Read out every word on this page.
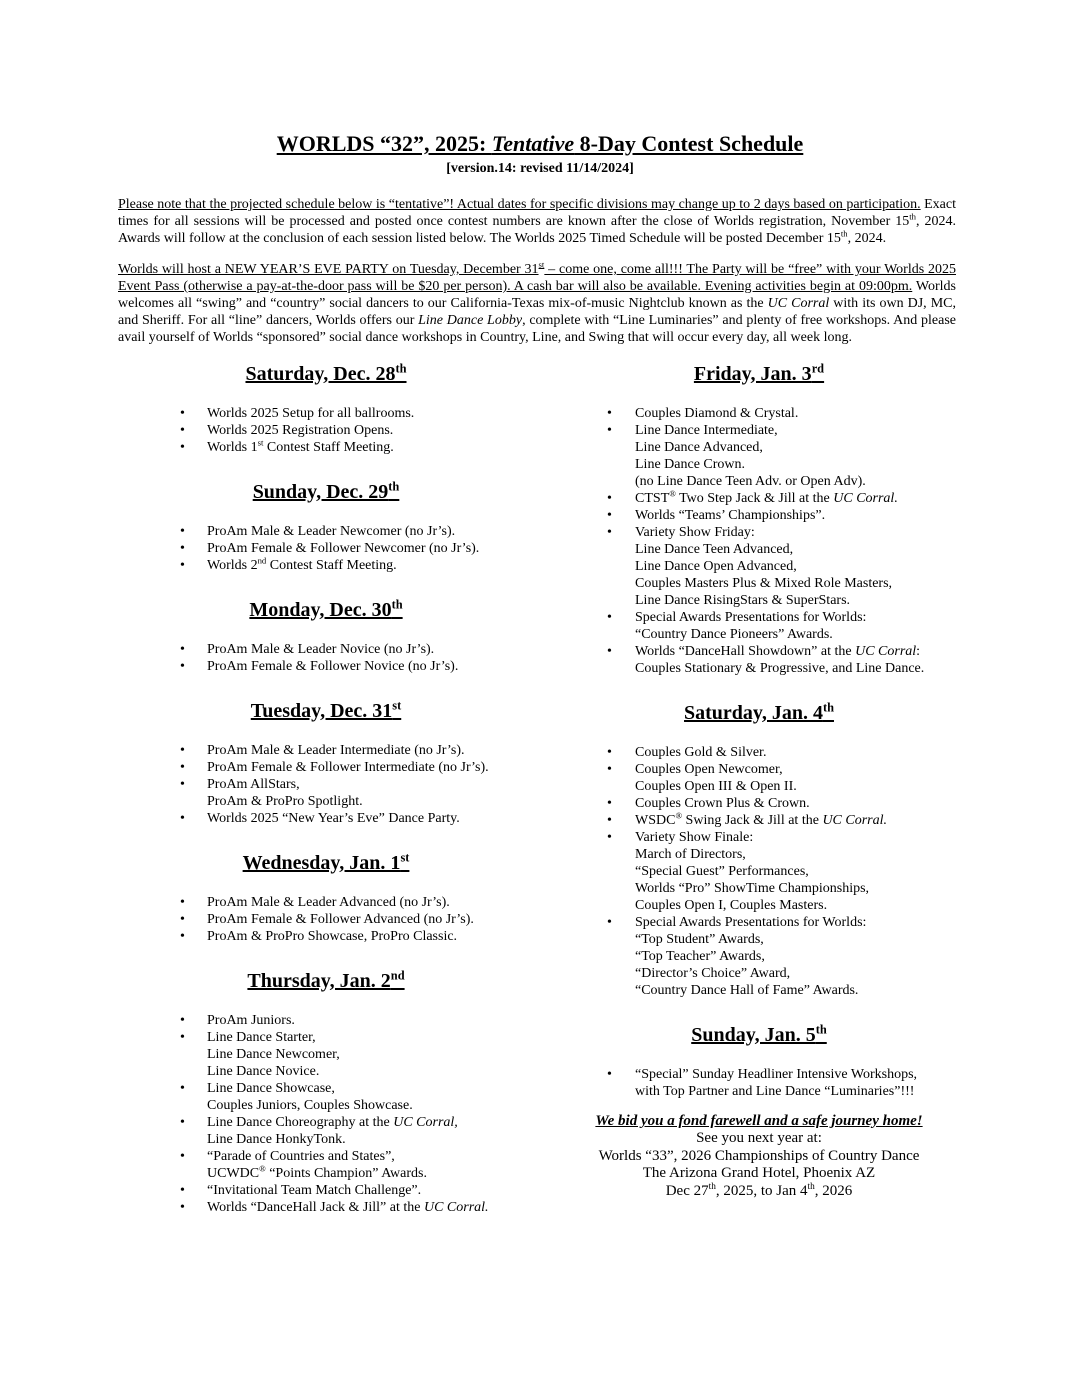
WORLDS “32”, 2025: Tentative 8-Day Contest Schedule
[version.14: revised 11/14/2024]

Please note that the projected schedule below is “tentative”! Actual dates for specific divisions may change up to 2 days based on participation. Exact times for all sessions will be processed and posted once contest numbers are known after the close of Worlds registration, November 15th, 2024. Awards will follow at the conclusion of each session listed below. The Worlds 2025 Timed Schedule will be posted December 15th, 2024.

Worlds will host a NEW YEAR’S EVE PARTY on Tuesday, December 31st – come one, come all!!! The Party will be “free” with your Worlds 2025 Event Pass (otherwise a pay-at-the-door pass will be $20 per person). A cash bar will also be available. Evening activities begin at 09:00pm. Worlds welcomes all “swing” and “country” social dancers to our California-Texas mix-of-music Nightclub known as the UC Corral with its own DJ, MC, and Sheriff. For all “line” dancers, Worlds offers our Line Dance Lobby, complete with “Line Luminaries” and plenty of free workshops. And please avail yourself of Worlds “sponsored” social dance workshops in Country, Line, and Swing that will occur every day, all week long.

Saturday, Dec. 28th
• Worlds 2025 Setup for all ballrooms.
• Worlds 2025 Registration Opens.
• Worlds 1st Contest Staff Meeting.
Sunday, Dec. 29th
• ProAm Male & Leader Newcomer (no Jr’s).
• ProAm Female & Follower Newcomer (no Jr’s).
• Worlds 2nd Contest Staff Meeting.
Monday, Dec. 30th
• ProAm Male & Leader Novice (no Jr’s).
• ProAm Female & Follower Novice (no Jr’s).
Tuesday, Dec. 31st
• ProAm Male & Leader Intermediate (no Jr’s).
• ProAm Female & Follower Intermediate (no Jr’s).
• ProAm AllStars,
ProAm & ProPro Spotlight.
• Worlds 2025 “New Year’s Eve” Dance Party.
Wednesday, Jan. 1st
• ProAm Male & Leader Advanced (no Jr’s).
• ProAm Female & Follower Advanced (no Jr’s).
• ProAm & ProPro Showcase, ProPro Classic.
Thursday, Jan. 2nd
• ProAm Juniors.
• Line Dance Starter,
Line Dance Newcomer,
Line Dance Novice.
• Line Dance Showcase,
Couples Juniors, Couples Showcase.
• Line Dance Choreography at the UC Corral,
Line Dance HonkyTonk.
• “Parade of Countries and States”,
UCWDC® “Points Champion” Awards.
• “Invitational Team Match Challenge”.
• Worlds “DanceHall Jack & Jill” at the UC Corral.
Friday, Jan. 3rd
• Couples Diamond & Crystal.
• Line Dance Intermediate,
Line Dance Advanced,
Line Dance Crown.
(no Line Dance Teen Adv. or Open Adv).
• CTST® Two Step Jack & Jill at the UC Corral.
• Worlds “Teams’ Championships”.
• Variety Show Friday:
Line Dance Teen Advanced,
Line Dance Open Advanced,
Couples Masters Plus & Mixed Role Masters,
Line Dance RisingStars & SuperStars.
• Special Awards Presentations for Worlds:
“Country Dance Pioneers” Awards.
• Worlds “DanceHall Showdown” at the UC Corral:
Couples Stationary & Progressive, and Line Dance.
Saturday, Jan. 4th
• Couples Gold & Silver.
• Couples Open Newcomer,
Couples Open III & Open II.
• Couples Crown Plus & Crown.
• WSDC® Swing Jack & Jill at the UC Corral.
• Variety Show Finale:
March of Directors,
“Special Guest” Performances,
Worlds “Pro” ShowTime Championships,
Couples Open I, Couples Masters.
• Special Awards Presentations for Worlds:
“Top Student” Awards,
“Top Teacher” Awards,
“Director’s Choice” Award,
“Country Dance Hall of Fame” Awards.
Sunday, Jan. 5th
• “Special” Sunday Headliner Intensive Workshops,
with Top Partner and Line Dance “Luminaries”!!!
We bid you a fond farewell and a safe journey home!
See you next year at:
Worlds “33”, 2026 Championships of Country Dance
The Arizona Grand Hotel, Phoenix AZ
Dec 27th, 2025, to Jan 4th, 2026
